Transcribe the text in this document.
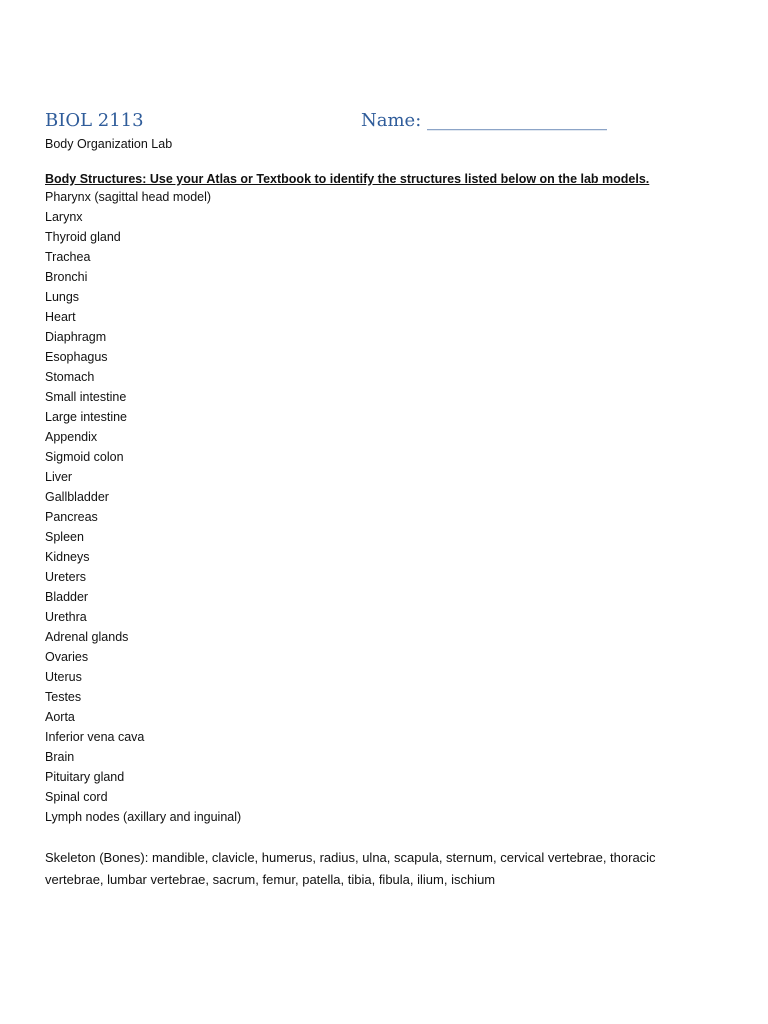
BIOL 2113	Name: ____________________
Body Organization Lab
Body Structures: Use your Atlas or Textbook to identify the structures listed below on the lab models.
Pharynx (sagittal head model)
Larynx
Thyroid gland
Trachea
Bronchi
Lungs
Heart
Diaphragm
Esophagus
Stomach
Small intestine
Large intestine
Appendix
Sigmoid colon
Liver
Gallbladder
Pancreas
Spleen
Kidneys
Ureters
Bladder
Urethra
Adrenal glands
Ovaries
Uterus
Testes
Aorta
Inferior vena cava
Brain
Pituitary gland
Spinal cord
Lymph nodes (axillary and inguinal)
Skeleton (Bones): mandible, clavicle, humerus, radius, ulna, scapula, sternum, cervical vertebrae, thoracic vertebrae, lumbar vertebrae, sacrum, femur, patella, tibia, fibula, ilium, ischium
